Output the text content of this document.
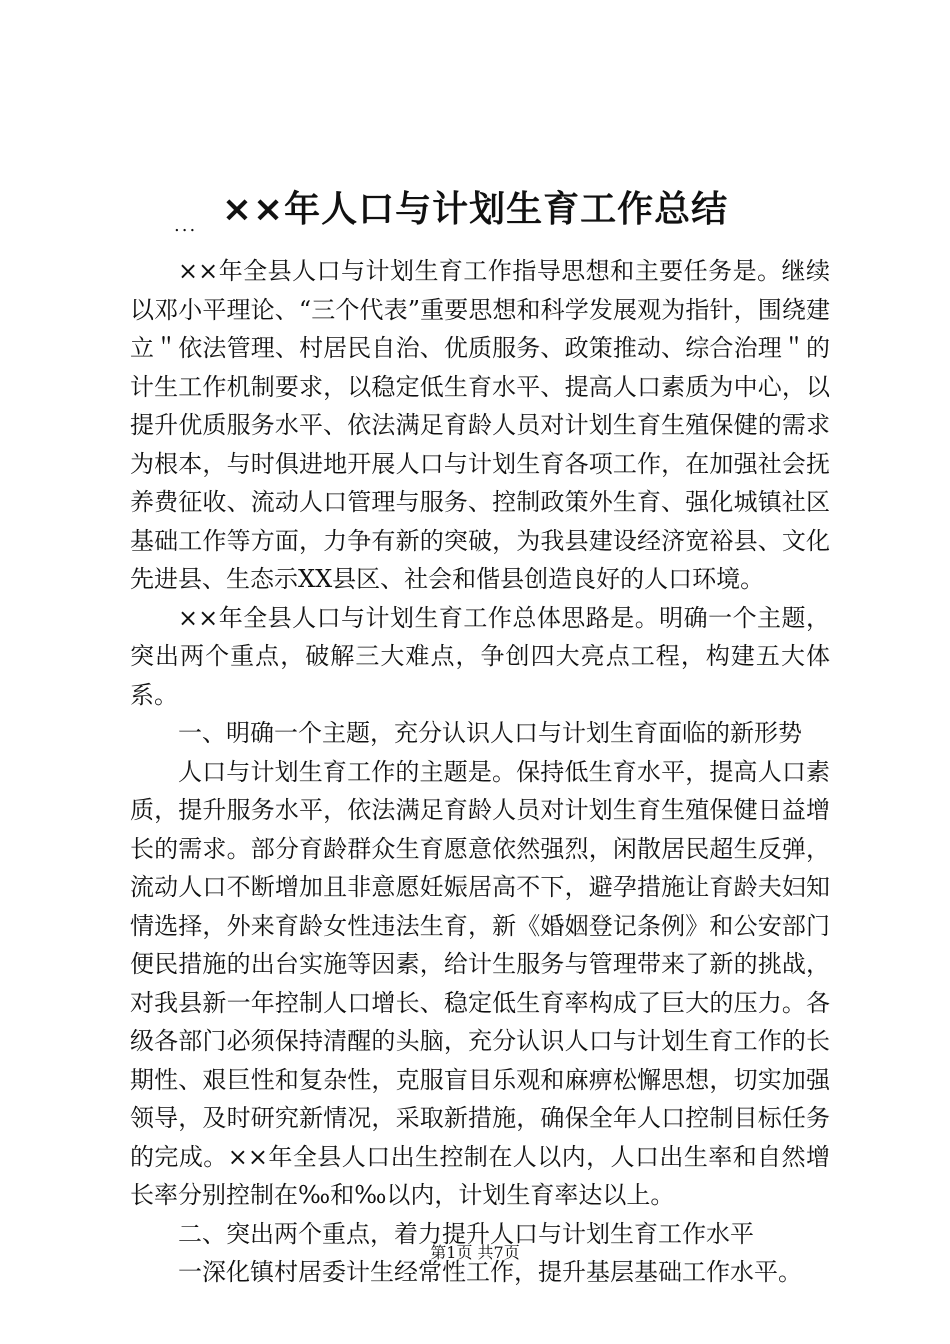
××年人口与计划生育工作总结
...

××年全县人口与计划生育工作指导思想和主要任务是。继续以邓小平理论、“三个代表”重要思想和科学发展观为指针，围绕建立＂依法管理、村居民自治、优质服务、政策推动、综合治理＂的计生工作机制要求，以稳定低生育水平、提高人口素质为中心，以提升优质服务水平、依法满足育龄人员对计划生育生殖保健的需求为根本，与时俱进地开展人口与计划生育各项工作，在加强社会抚养费征收、流动人口管理与服务、控制政策外生育、强化城镇社区基础工作等方面，力争有新的突破，为我县建设经济宽裕县、文化先进县、生态示XX县区、社会和偕县创造良好的人口环境。

××年全县人口与计划生育工作总体思路是。明确一个主题，突出两个重点，破解三大难点，争创四大亮点工程，构建五大体系。

一、明确一个主题，充分认识人口与计划生育面临的新形势

人口与计划生育工作的主题是。保持低生育水平，提高人口素质，提升服务水平，依法满足育龄人员对计划生育生殖保健日益增长的需求。部分育龄群众生育愿意依然强烈，闲散居民超生反弹，流动人口不断增加且非意愿妊娠居高不下，避孕措施让育龄夫妇知情选择，外来育龄女性违法生育，新《婚姻登记条例》和公安部门便民措施的出台实施等因素，给计生服务与管理带来了新的挑战，对我县新一年控制人口增长、稳定低生育率构成了巨大的压力。各级各部门必须保持清醒的头脑，充分认识人口与计划生育工作的长期性、艰巨性和复杂性，克服盲目乐观和麻痹松懈思想，切实加强领导，及时研究新情况，采取新措施，确保全年人口控制目标任务的完成。××年全县人口出生控制在人以内，人口出生率和自然增长率分别控制在‰和‰以内，计划生育率达以上。

二、突出两个重点，着力提升人口与计划生育工作水平

一深化镇村居委计生经常性工作，提升基层基础工作水平。

第1页 共7页
